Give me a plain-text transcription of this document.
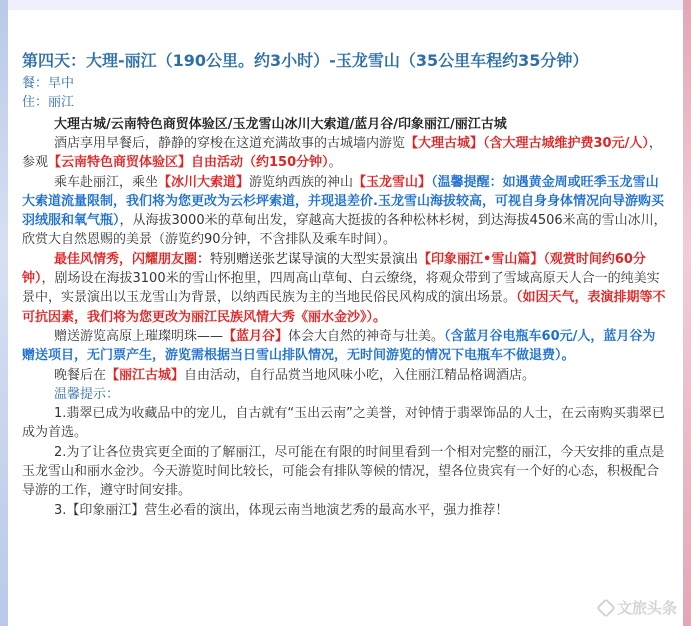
第四天：大理-丽江（190公里。约3小时）-玉龙雪山（35公里车程约35分钟）
餐：早中
住：丽江
大理古城/云南特色商贸体验区/玉龙雪山冰川大索道/蓝月谷/印象丽江/丽江古城

酒店享用早餐后，静静的穿梭在这道充满故事的古城墙内游览【大理古城】（含大理古城维护费30元/人），参观【云南特色商贸体验区】自由活动（约150分钟）。

乘车赴丽江，乘坐【冰川大索道】游览纳西族的神山【玉龙雪山】（温馨提醒：如遇黄金周或旺季玉龙雪山大索道流量限制，我们将为您更改为云杉坪索道，并现退差价.玉龙雪山海拔较高，可视自身身体情况向导游购买羽绒服和氧气瓶），从海拔3000米的草甸出发，穿越高大挺拔的各种松林杉树，到达海拔4506米高的雪山冰川，欣赏大自然恩赐的美景（游览约90分钟，不含排队及乘车时间）。

最佳风情秀，闪耀朋友圈：特别赠送张艺谋导演的大型实景演出【印象丽江•雪山篇】（观赏时间约60分钟），剧场设在海拔3100米的雪山怀抱里，四周高山草甸、白云缭绕，将观众带到了雪域高原天人合一的纯美实景中，实景演出以玉龙雪山为背景，以纳西民族为主的当地民俗民风构成的演出场景。（如因天气，表演排期等不可抗因素，我们将为您更改为丽江民族风情大秀《丽水金沙》）。

赠送游览高原上璀璨明珠——【蓝月谷】体会大自然的神奇与壮美。（含蓝月谷电瓶车60元/人，蓝月谷为赠送项目，无门票产生，游览需根据当日雪山排队情况，无时间游览的情况下电瓶车不做退费）。

晚餐后在【丽江古城】自由活动，自行品赏当地风味小吃，入住丽江精品格调酒店。

温馨提示：

1.翡翠已成为收藏品中的宠儿，自古就有“玉出云南”之美誉，对钟情于翡翠饰品的人士，在云南购买翡翠已成为首选。

2.为了让各位贵宾更全面的了解丽江，尽可能在有限的时间里看到一个相对完整的丽江，今天安排的重点是玉龙雪山和丽水金沙。今天游览时间比较长，可能会有排队等候的情况，望各位贵宾有一个好的心态，积极配合导游的工作，遵守时间安排。

3.【印象丽江】营生必看的演出，体现云南当地演艺秀的最高水平，强力推荐！

文旅头条
